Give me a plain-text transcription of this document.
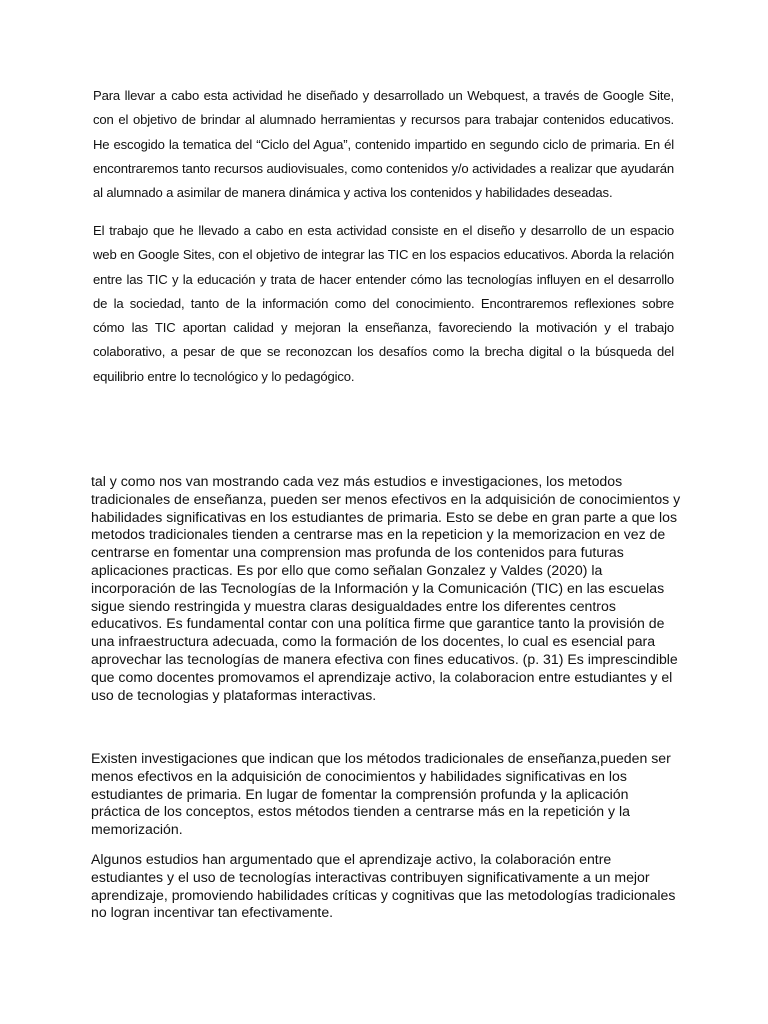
Para llevar a cabo esta actividad he diseñado y desarrollado un Webquest, a través de Google Site, con el objetivo de brindar al alumnado herramientas y recursos para trabajar contenidos educativos. He escogido la tematica del “Ciclo del Agua”, contenido impartido en segundo ciclo de primaria. En él encontraremos tanto recursos audiovisuales, como contenidos y/o actividades a realizar que ayudarán al alumnado a asimilar de manera dinámica y activa los contenidos y habilidades deseadas.

El trabajo que he llevado a cabo en esta actividad consiste en el diseño y desarrollo de un espacio web en Google Sites, con el objetivo de integrar las TIC en los espacios educativos. Aborda la relación entre las TIC y la educación y trata de hacer entender cómo las tecnologías influyen en el desarrollo de la sociedad, tanto de la información como del conocimiento. Encontraremos reflexiones sobre cómo las TIC aportan calidad y mejoran la enseñanza, favoreciendo la motivación y el trabajo colaborativo, a pesar de que se reconozcan los desafíos como la brecha digital o la búsqueda del equilibrio entre lo tecnológico y lo pedagógico.

tal y como nos van mostrando cada vez más estudios e investigaciones, los metodos tradicionales de enseñanza, pueden ser menos efectivos en la adquisición de conocimientos y habilidades significativas en los estudiantes de primaria. Esto se debe en gran parte a que los metodos tradicionales tienden a centrarse mas en la repeticion y la memorizacion en vez de centrarse en fomentar una comprension mas profunda de los contenidos para futuras aplicaciones practicas. Es por ello que como señalan Gonzalez y Valdes (2020) la incorporación de las Tecnologías de la Información y la Comunicación (TIC) en las escuelas sigue siendo restringida y muestra claras desigualdades entre los diferentes centros educativos. Es fundamental contar con una política firme que garantice tanto la provisión de una infraestructura adecuada, como la formación de los docentes, lo cual es esencial para aprovechar las tecnologías de manera efectiva con fines educativos. (p. 31) Es imprescindible que como docentes promovamos el aprendizaje activo, la colaboracion entre estudiantes y el uso de tecnologias y plataformas interactivas.

Existen investigaciones que indican que los métodos tradicionales de enseñanza,pueden ser menos efectivos en la adquisición de conocimientos y habilidades significativas en los estudiantes de primaria. En lugar de fomentar la comprensión profunda y la aplicación práctica de los conceptos, estos métodos tienden a centrarse más en la repetición y la memorización.

Algunos estudios han argumentado que el aprendizaje activo, la colaboración entre estudiantes y el uso de tecnologías interactivas contribuyen significativamente a un mejor aprendizaje, promoviendo habilidades críticas y cognitivas que las metodologías tradicionales no logran incentivar tan efectivamente.
